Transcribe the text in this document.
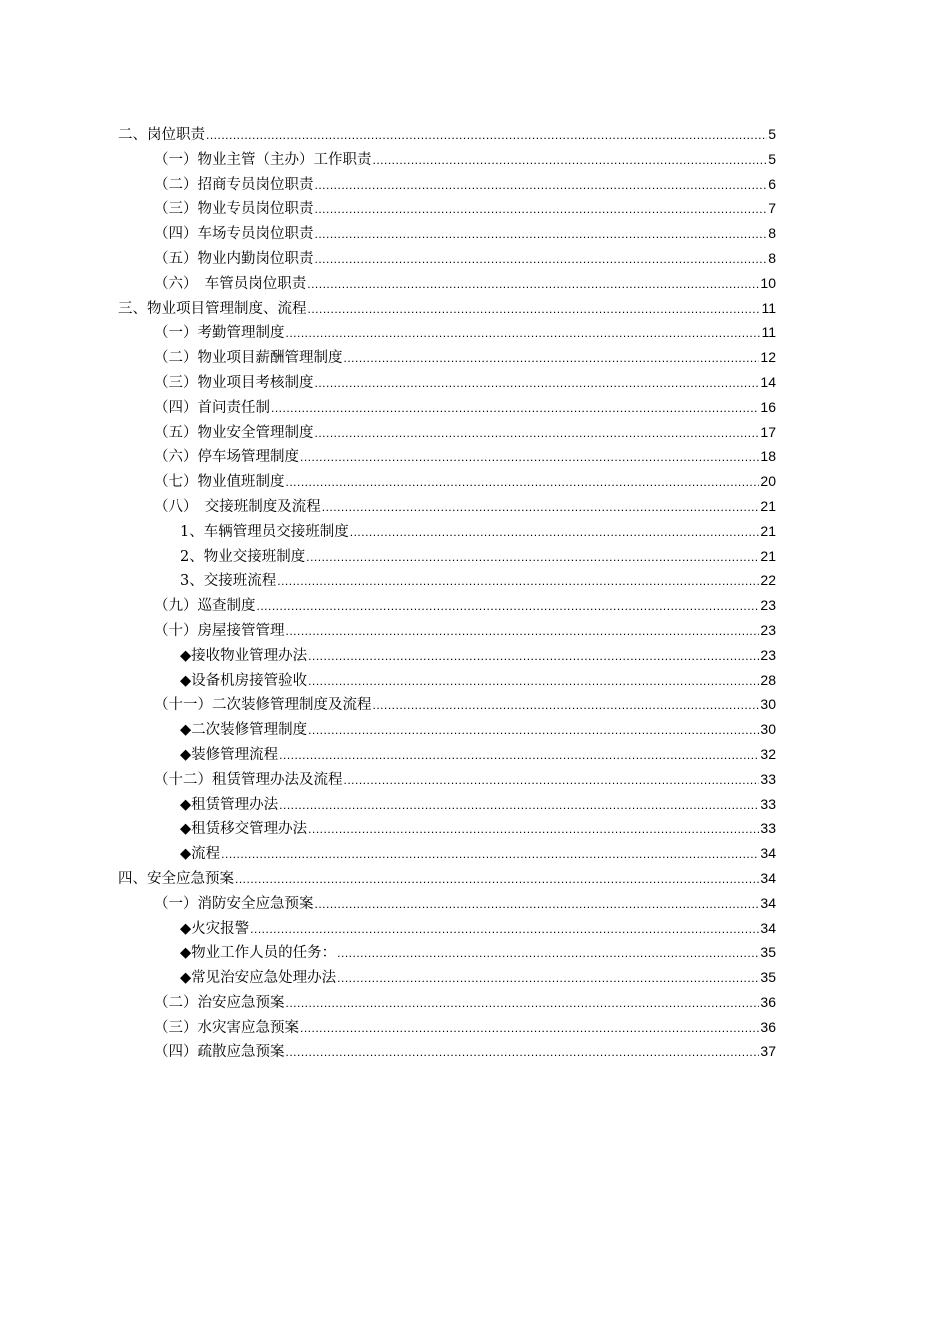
二、岗位职责 .....	5
（一）物业主管（主办）工作职责 .....	5
（二）招商专员岗位职责 .....	6
（三）物业专员岗位职责 .....	7
（四）车场专员岗位职责 .....	8
（五）物业内勤岗位职责 .....	8
（六）　车管员岗位职责 .....	10
三、物业项目管理制度、流程 .....	11
（一）考勤管理制度 .....	11
（二）物业项目薪酬管理制度 .....	12
（三）物业项目考核制度 .....	14
（四）首问责任制 .....	16
（五）物业安全管理制度 .....	17
（六）停车场管理制度 .....	18
（七）物业值班制度 .....	20
（八）　交接班制度及流程 .....	21
1、车辆管理员交接班制度 .....	21
2、物业交接班制度 .....	21
3、交接班流程 .....	22
（九）巡查制度 .....	23
（十）房屋接管管理 .....	23
◆接收物业管理办法 .....	23
◆设备机房接管验收 .....	28
（十一）二次装修管理制度及流程 .....	30
◆二次装修管理制度 .....	30
◆装修管理流程 .....	32
（十二）租赁管理办法及流程 .....	33
◆租赁管理办法 .....	33
◆租赁移交管理办法 .....	33
◆流程 .....	34
四、安全应急预案 .....	34
（一）消防安全应急预案 .....	34
◆火灾报警 .....	34
◆物业工作人员的任务： .....	35
◆常见治安应急处理办法 .....	35
（二）治安应急预案 .....	36
（三）水灾害应急预案 .....	36
（四）疏散应急预案 .....	37
